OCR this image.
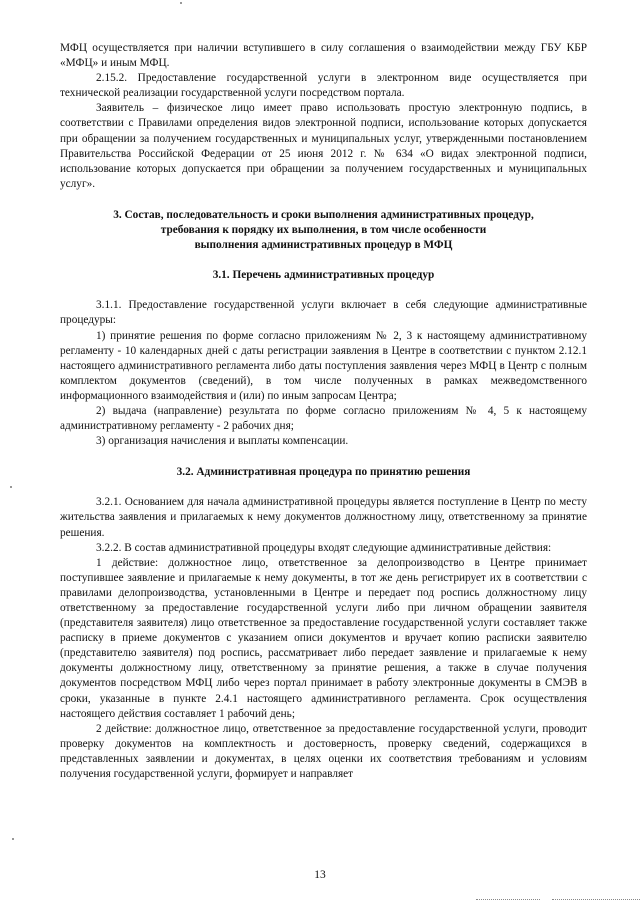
МФЦ осуществляется при наличии вступившего в силу соглашения о взаимодействии между ГБУ КБР «МФЦ» и иным МФЦ.

2.15.2. Предоставление государственной услуги в электронном виде осуществляется при технической реализации государственной услуги посредством портала.

Заявитель – физическое лицо имеет право использовать простую электронную подпись, в соответствии с Правилами определения видов электронной подписи, использование которых допускается при обращении за получением государственных и муниципальных услуг, утвержденными постановлением Правительства Российской Федерации от 25 июня 2012 г. № 634 «О видах электронной подписи, использование которых допускается при обращении за получением государственных и муниципальных услуг».

3. Состав, последовательность и сроки выполнения административных процедур,
требования к порядку их выполнения, в том числе особенности
выполнения административных процедур в МФЦ
3.1. Перечень административных процедур

3.1.1. Предоставление государственной услуги включает в себя следующие административные процедуры:

1) принятие решения по форме согласно приложениям № 2, 3 к настоящему административному регламенту - 10 календарных дней с даты регистрации заявления в Центре в соответствии с пунктом 2.12.1 настоящего административного регламента либо даты поступления заявления через МФЦ в Центр с полным комплектом документов (сведений), в том числе полученных в рамках межведомственного информационного взаимодействия и (или) по иным запросам Центра;

2) выдача (направление) результата по форме согласно приложениям № 4, 5 к настоящему административному регламенту - 2 рабочих дня;

3) организация начисления и выплаты компенсации.

3.2. Административная процедура по принятию решения

3.2.1. Основанием для начала административной процедуры является поступление в Центр по месту жительства заявления и прилагаемых к нему документов должностному лицу, ответственному за принятие решения.

3.2.2. В состав административной процедуры входят следующие административные действия:

1 действие: должностное лицо, ответственное за делопроизводство в Центре принимает поступившее заявление и прилагаемые к нему документы, в тот же день регистрирует их в соответствии с правилами делопроизводства, установленными в Центре и передает под роспись должностному лицу ответственному за предоставление государственной услуги либо при личном обращении заявителя (представителя заявителя) лицо ответственное за предоставление государственной услуги составляет также расписку в приеме документов с указанием описи документов и вручает копию расписки заявителю (представителю заявителя) под роспись, рассматривает либо передает заявление и прилагаемые к нему документы должностному лицу, ответственному за принятие решения, а также в случае получения документов посредством МФЦ либо через портал принимает в работу электронные документы в СМЭВ в сроки, указанные в пункте 2.4.1 настоящего административного регламента. Срок осуществления настоящего действия составляет 1 рабочий день;

2 действие: должностное лицо, ответственное за предоставление государственной услуги, проводит проверку документов на комплектность и достоверность, проверку сведений, содержащихся в представленных заявлении и документах, в целях оценки их соответствия требованиям и условиям получения государственной услуги, формирует и направляет

13
